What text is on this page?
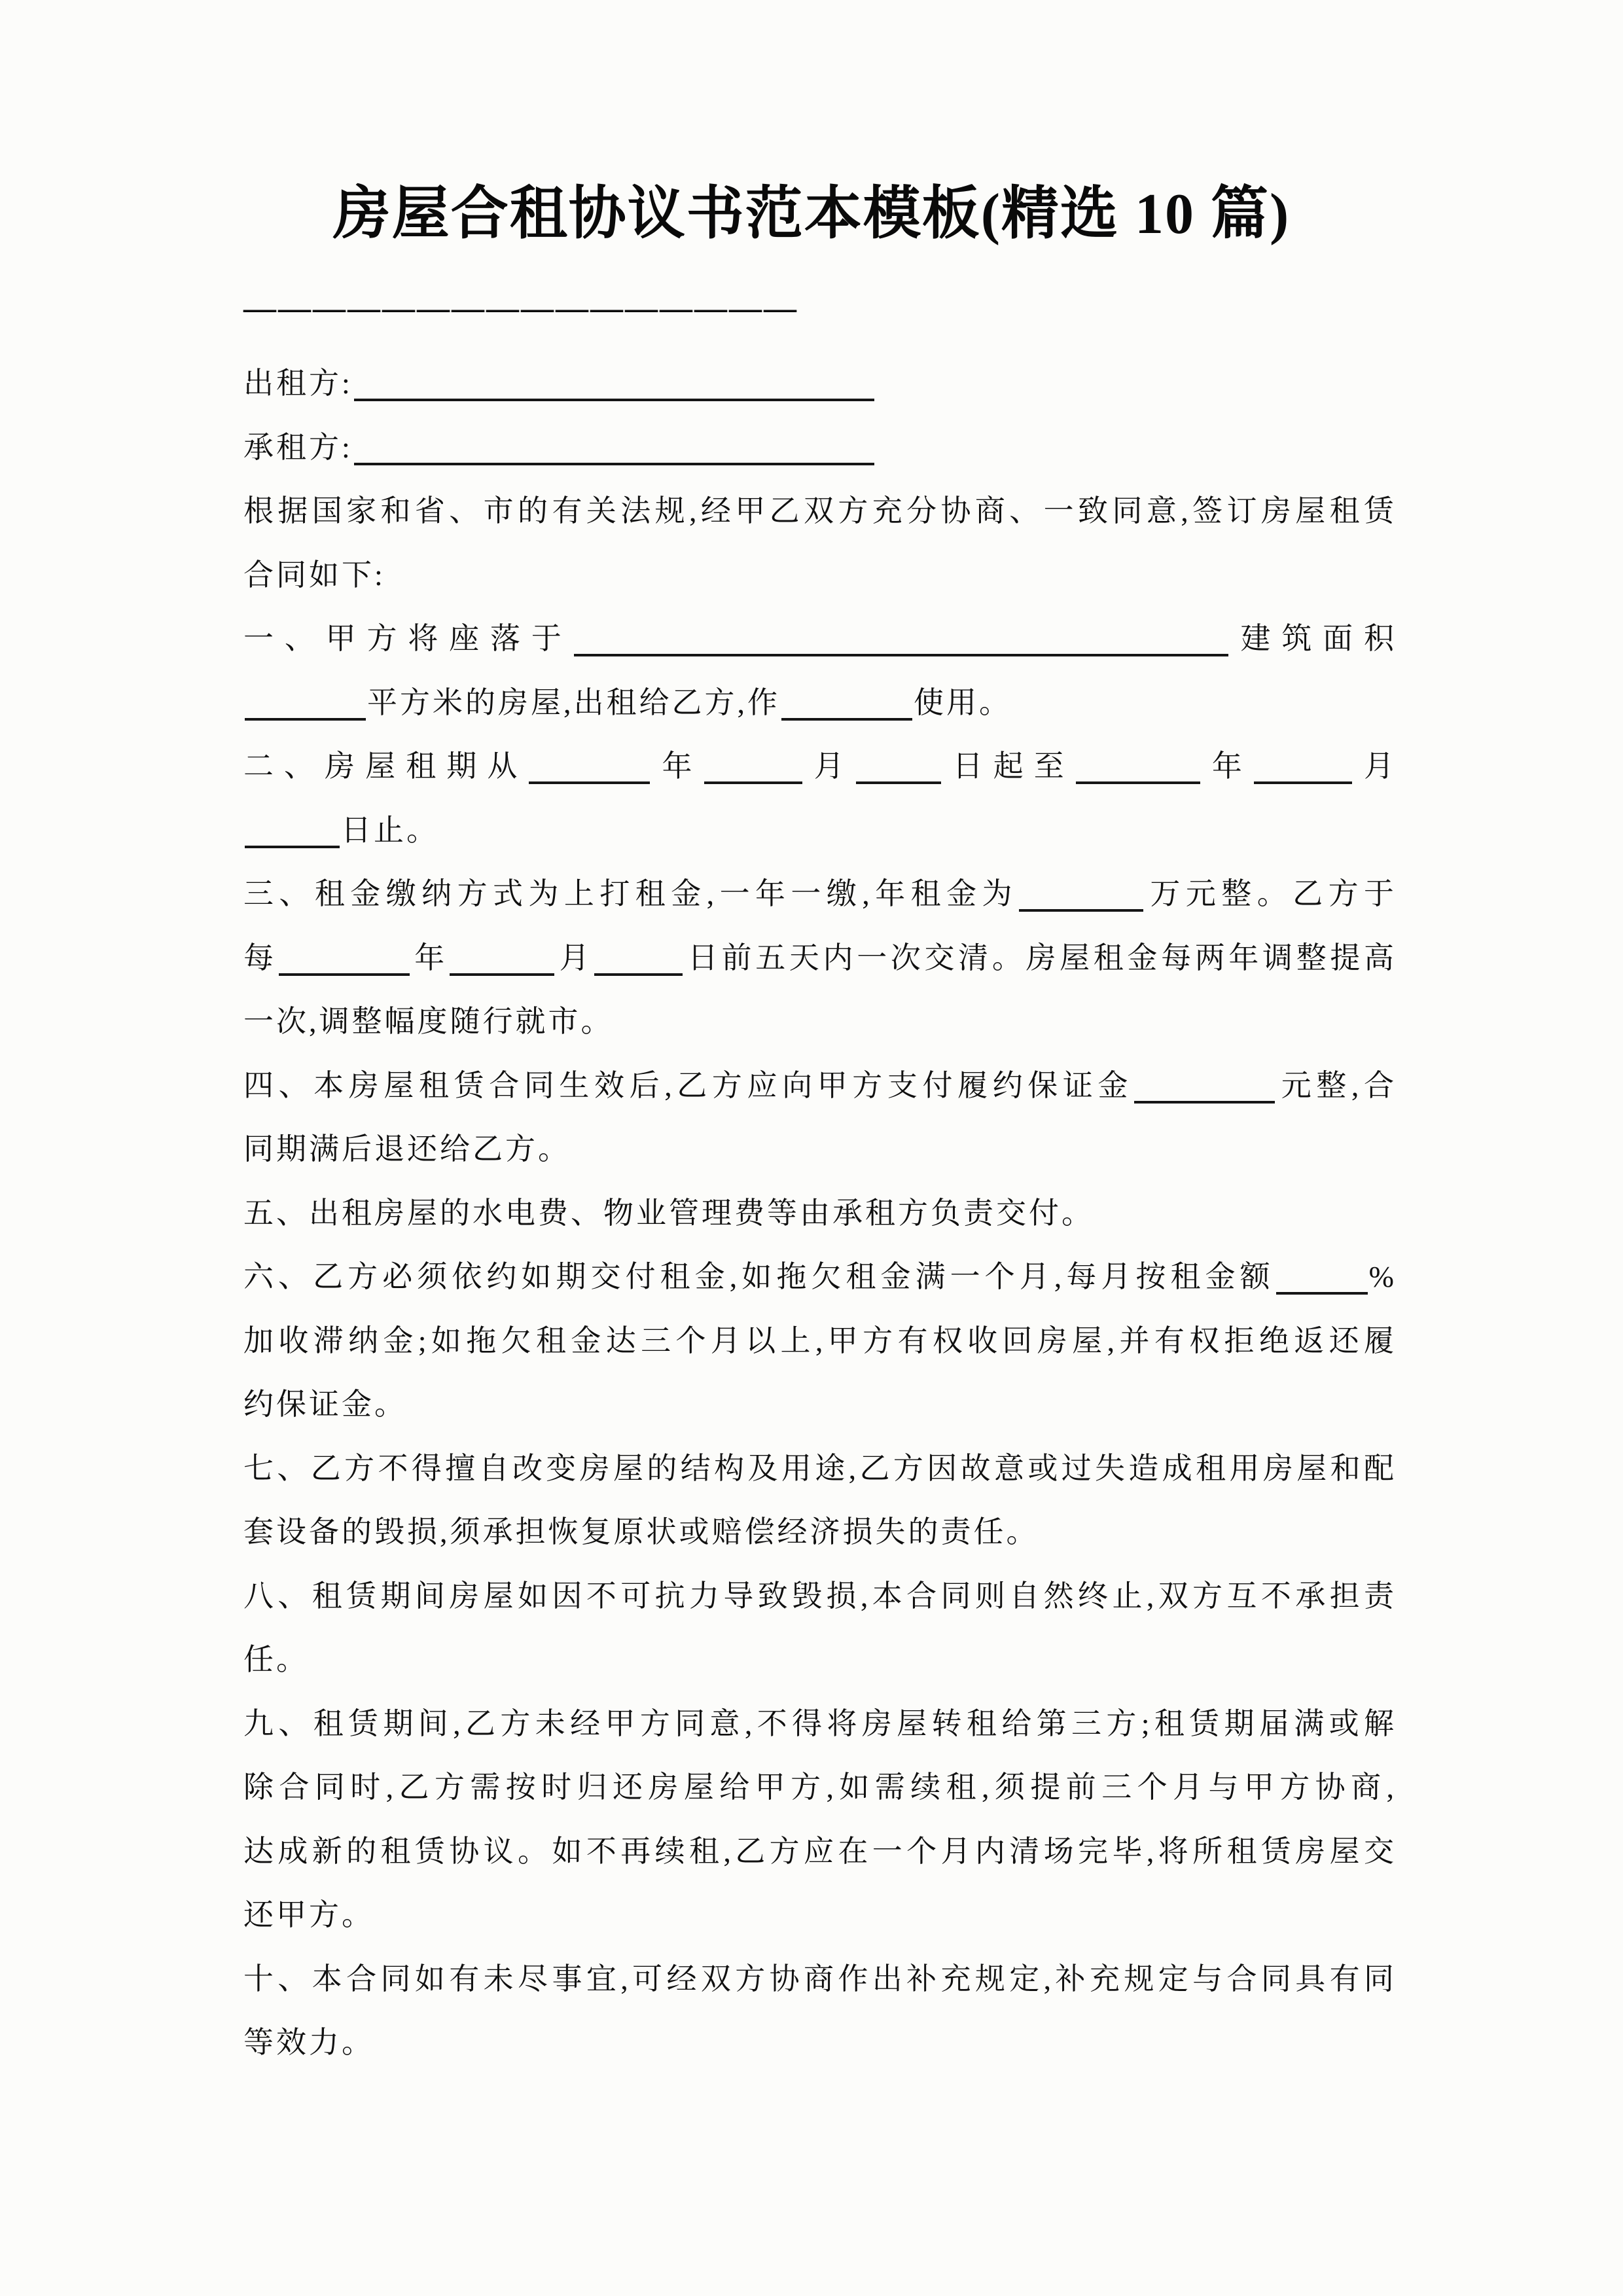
房屋合租协议书范本模板(精选 10 篇)
————————————————
出租方:
承租方:
根据国家和省、市的有关法规,经甲乙双方充分协商、一致同意,签订房屋租赁
合同如下:
一、甲方将座落于	建筑面积
平方米的房屋,出租给乙方,作	使用。
二、房屋租期从	年	月	日起至	年	月
日止。
三、租金缴纳方式为上打租金,一年一缴,年租金为	万元整。乙方于
每	年	月	日前五天内一次交清。房屋租金每两年调整提高
一次,调整幅度随行就市。
四、本房屋租赁合同生效后,乙方应向甲方支付履约保证金	元整,合
同期满后退还给乙方。
五、出租房屋的水电费、物业管理费等由承租方负责交付。
六、乙方必须依约如期交付租金,如拖欠租金满一个月,每月按租金额	%
加收滞纳金;如拖欠租金达三个月以上,甲方有权收回房屋,并有权拒绝返还履
约保证金。
七、乙方不得擅自改变房屋的结构及用途,乙方因故意或过失造成租用房屋和配
套设备的毁损,须承担恢复原状或赔偿经济损失的责任。
八、租赁期间房屋如因不可抗力导致毁损,本合同则自然终止,双方互不承担责
任。
九、租赁期间,乙方未经甲方同意,不得将房屋转租给第三方;租赁期届满或解
除合同时,乙方需按时归还房屋给甲方,如需续租,须提前三个月与甲方协商,
达成新的租赁协议。如不再续租,乙方应在一个月内清场完毕,将所租赁房屋交
还甲方。
十、本合同如有未尽事宜,可经双方协商作出补充规定,补充规定与合同具有同
等效力。
